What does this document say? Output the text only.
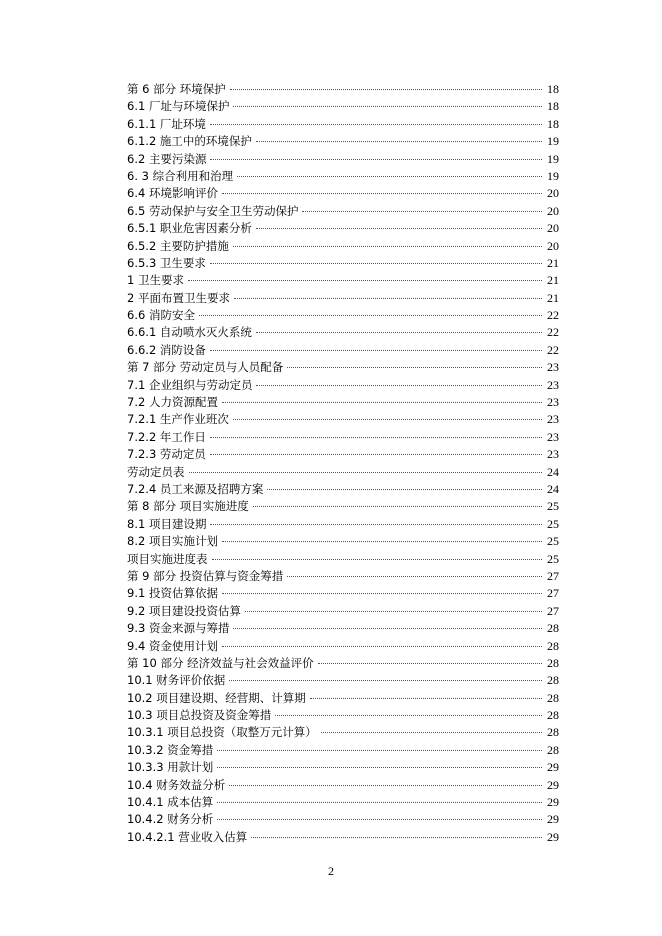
第 6 部分 环境保护	18
6.1 厂址与环境保护	18
6.1.1 厂址环境	18
6.1.2 施工中的环境保护	19
6.2 主要污染源	19
6. 3 综合利用和治理	19
6.4 环境影响评价	20
6.5 劳动保护与安全卫生劳动保护	20
6.5.1 职业危害因素分析	20
6.5.2 主要防护措施	20
6.5.3 卫生要求	21
1 卫生要求	21
2 平面布置卫生要求	21
6.6 消防安全	22
6.6.1 自动喷水灭火系统	22
6.6.2 消防设备	22
第 7 部分 劳动定员与人员配备	23
7.1 企业组织与劳动定员	23
7.2 人力资源配置	23
7.2.1 生产作业班次	23
7.2.2 年工作日	23
7.2.3 劳动定员	23
劳动定员表	24
7.2.4 员工来源及招聘方案	24
第 8 部分 项目实施进度	25
8.1 项目建设期	25
8.2 项目实施计划	25
项目实施进度表	25
第 9 部分 投资估算与资金筹措	27
9.1 投资估算依据	27
9.2 项目建设投资估算	27
9.3 资金来源与筹措	28
9.4 资金使用计划	28
第 10 部分 经济效益与社会效益评价	28
10.1 财务评价依据	28
10.2 项目建设期、经营期、计算期	28
10.3 项目总投资及资金筹措	28
10.3.1 项目总投资（取整万元计算）	28
10.3.2 资金筹措	28
10.3.3 用款计划	29
10.4 财务效益分析	29
10.4.1 成本估算	29
10.4.2 财务分析	29
10.4.2.1 营业收入估算	29
2
